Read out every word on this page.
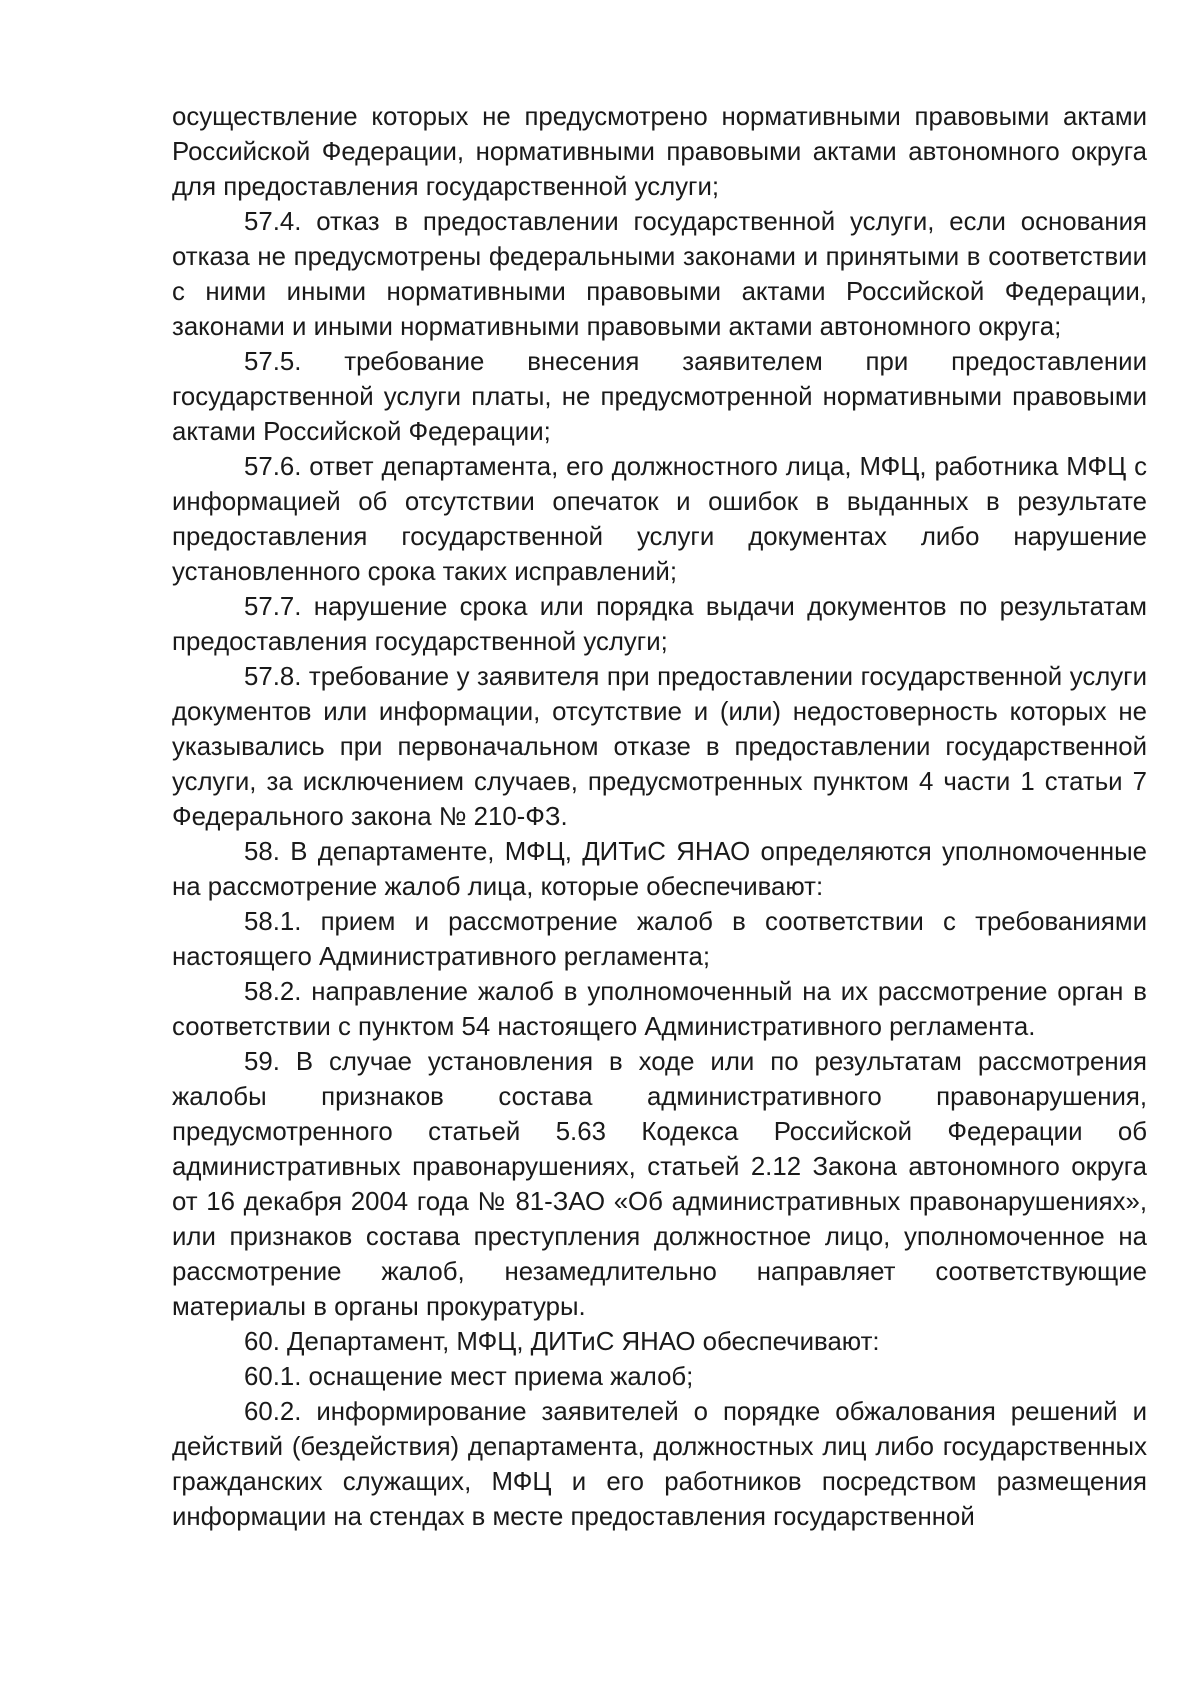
осуществление которых не предусмотрено нормативными правовыми актами Российской Федерации, нормативными правовыми актами автономного округа для предоставления государственной услуги;

57.4. отказ в предоставлении государственной услуги, если основания отказа не предусмотрены федеральными законами и принятыми в соответствии с ними иными нормативными правовыми актами Российской Федерации, законами и иными нормативными правовыми актами автономного округа;

57.5. требование внесения заявителем при предоставлении государственной услуги платы, не предусмотренной нормативными правовыми актами Российской Федерации;

57.6. ответ департамента, его должностного лица, МФЦ, работника МФЦ с информацией об отсутствии опечаток и ошибок в выданных в результате предоставления государственной услуги документах либо нарушение установленного срока таких исправлений;

57.7. нарушение срока или порядка выдачи документов по результатам предоставления государственной услуги;

57.8. требование у заявителя при предоставлении государственной услуги документов или информации, отсутствие и (или) недостоверность которых не указывались при первоначальном отказе в предоставлении государственной услуги, за исключением случаев, предусмотренных пунктом 4 части 1 статьи 7 Федерального закона № 210-ФЗ.

58. В департаменте, МФЦ, ДИТиС ЯНАО определяются уполномоченные на рассмотрение жалоб лица, которые обеспечивают:

58.1. прием и рассмотрение жалоб в соответствии с требованиями настоящего Административного регламента;

58.2. направление жалоб в уполномоченный на их рассмотрение орган в соответствии с пунктом 54 настоящего Административного регламента.

59. В случае установления в ходе или по результатам рассмотрения жалобы признаков состава административного правонарушения, предусмотренного статьей 5.63 Кодекса Российской Федерации об административных правонарушениях, статьей 2.12 Закона автономного округа от 16 декабря 2004 года № 81-ЗАО «Об административных правонарушениях», или признаков состава преступления должностное лицо, уполномоченное на рассмотрение жалоб, незамедлительно направляет соответствующие материалы в органы прокуратуры.

60. Департамент, МФЦ, ДИТиС ЯНАО обеспечивают:

60.1. оснащение мест приема жалоб;

60.2. информирование заявителей о порядке обжалования решений и действий (бездействия) департамента, должностных лиц либо государственных гражданских служащих, МФЦ и его работников посредством размещения информации на стендах в месте предоставления государственной
